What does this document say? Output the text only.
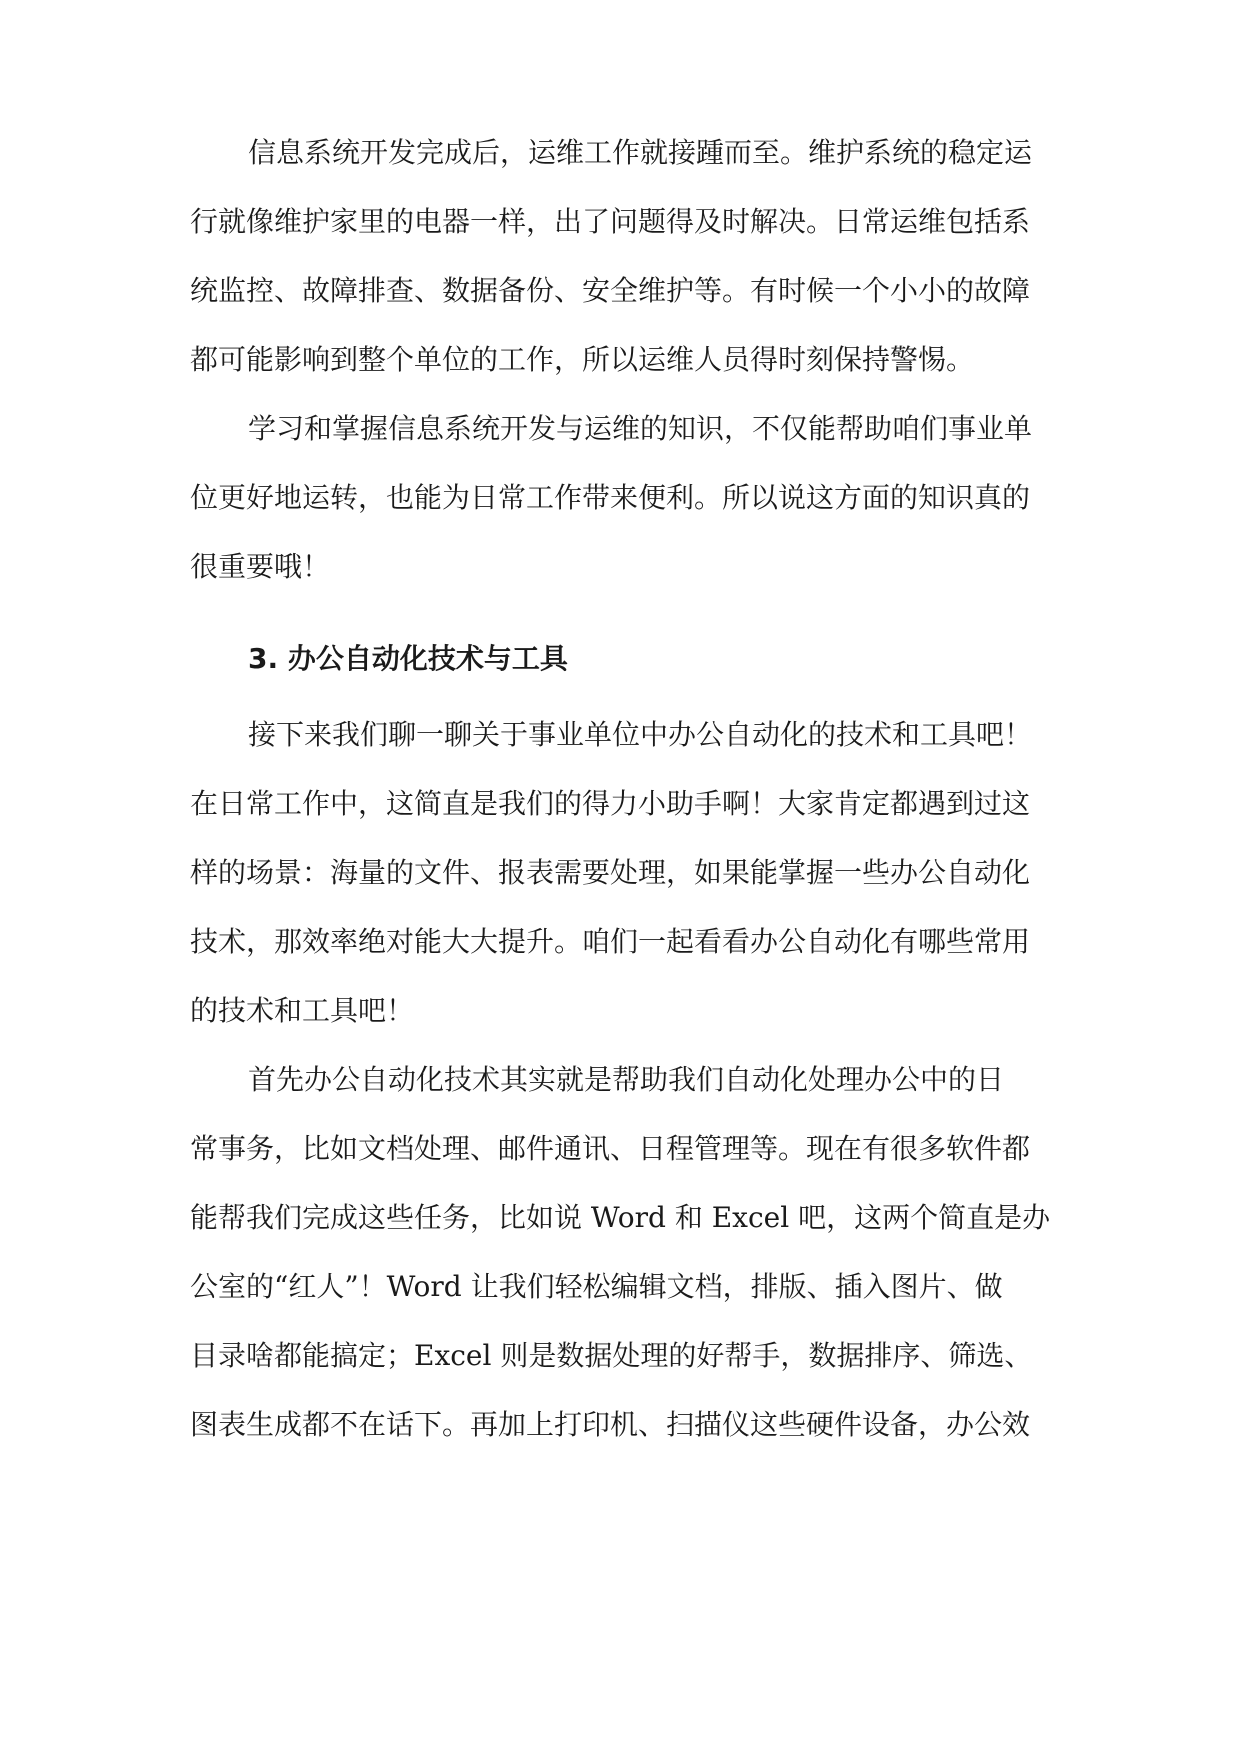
信息系统开发完成后，运维工作就接踵而至。维护系统的稳定运
行就像维护家里的电器一样，出了问题得及时解决。日常运维包括系
统监控、故障排查、数据备份、安全维护等。有时候一个小小的故障
都可能影响到整个单位的工作，所以运维人员得时刻保持警惕。
学习和掌握信息系统开发与运维的知识，不仅能帮助咱们事业单
位更好地运转，也能为日常工作带来便利。所以说这方面的知识真的
很重要哦！
3. 办公自动化技术与工具
接下来我们聊一聊关于事业单位中办公自动化的技术和工具吧！
在日常工作中，这简直是我们的得力小助手啊！大家肯定都遇到过这
样的场景：海量的文件、报表需要处理，如果能掌握一些办公自动化
技术，那效率绝对能大大提升。咱们一起看看办公自动化有哪些常用
的技术和工具吧！
首先办公自动化技术其实就是帮助我们自动化处理办公中的日
常事务，比如文档处理、邮件通讯、日程管理等。现在有很多软件都
能帮我们完成这些任务，比如说 Word 和 Excel 吧，这两个简直是办
公室的“红人”！Word 让我们轻松编辑文档，排版、插入图片、做
目录啥都能搞定；Excel 则是数据处理的好帮手，数据排序、筛选、
图表生成都不在话下。再加上打印机、扫描仪这些硬件设备，办公效
